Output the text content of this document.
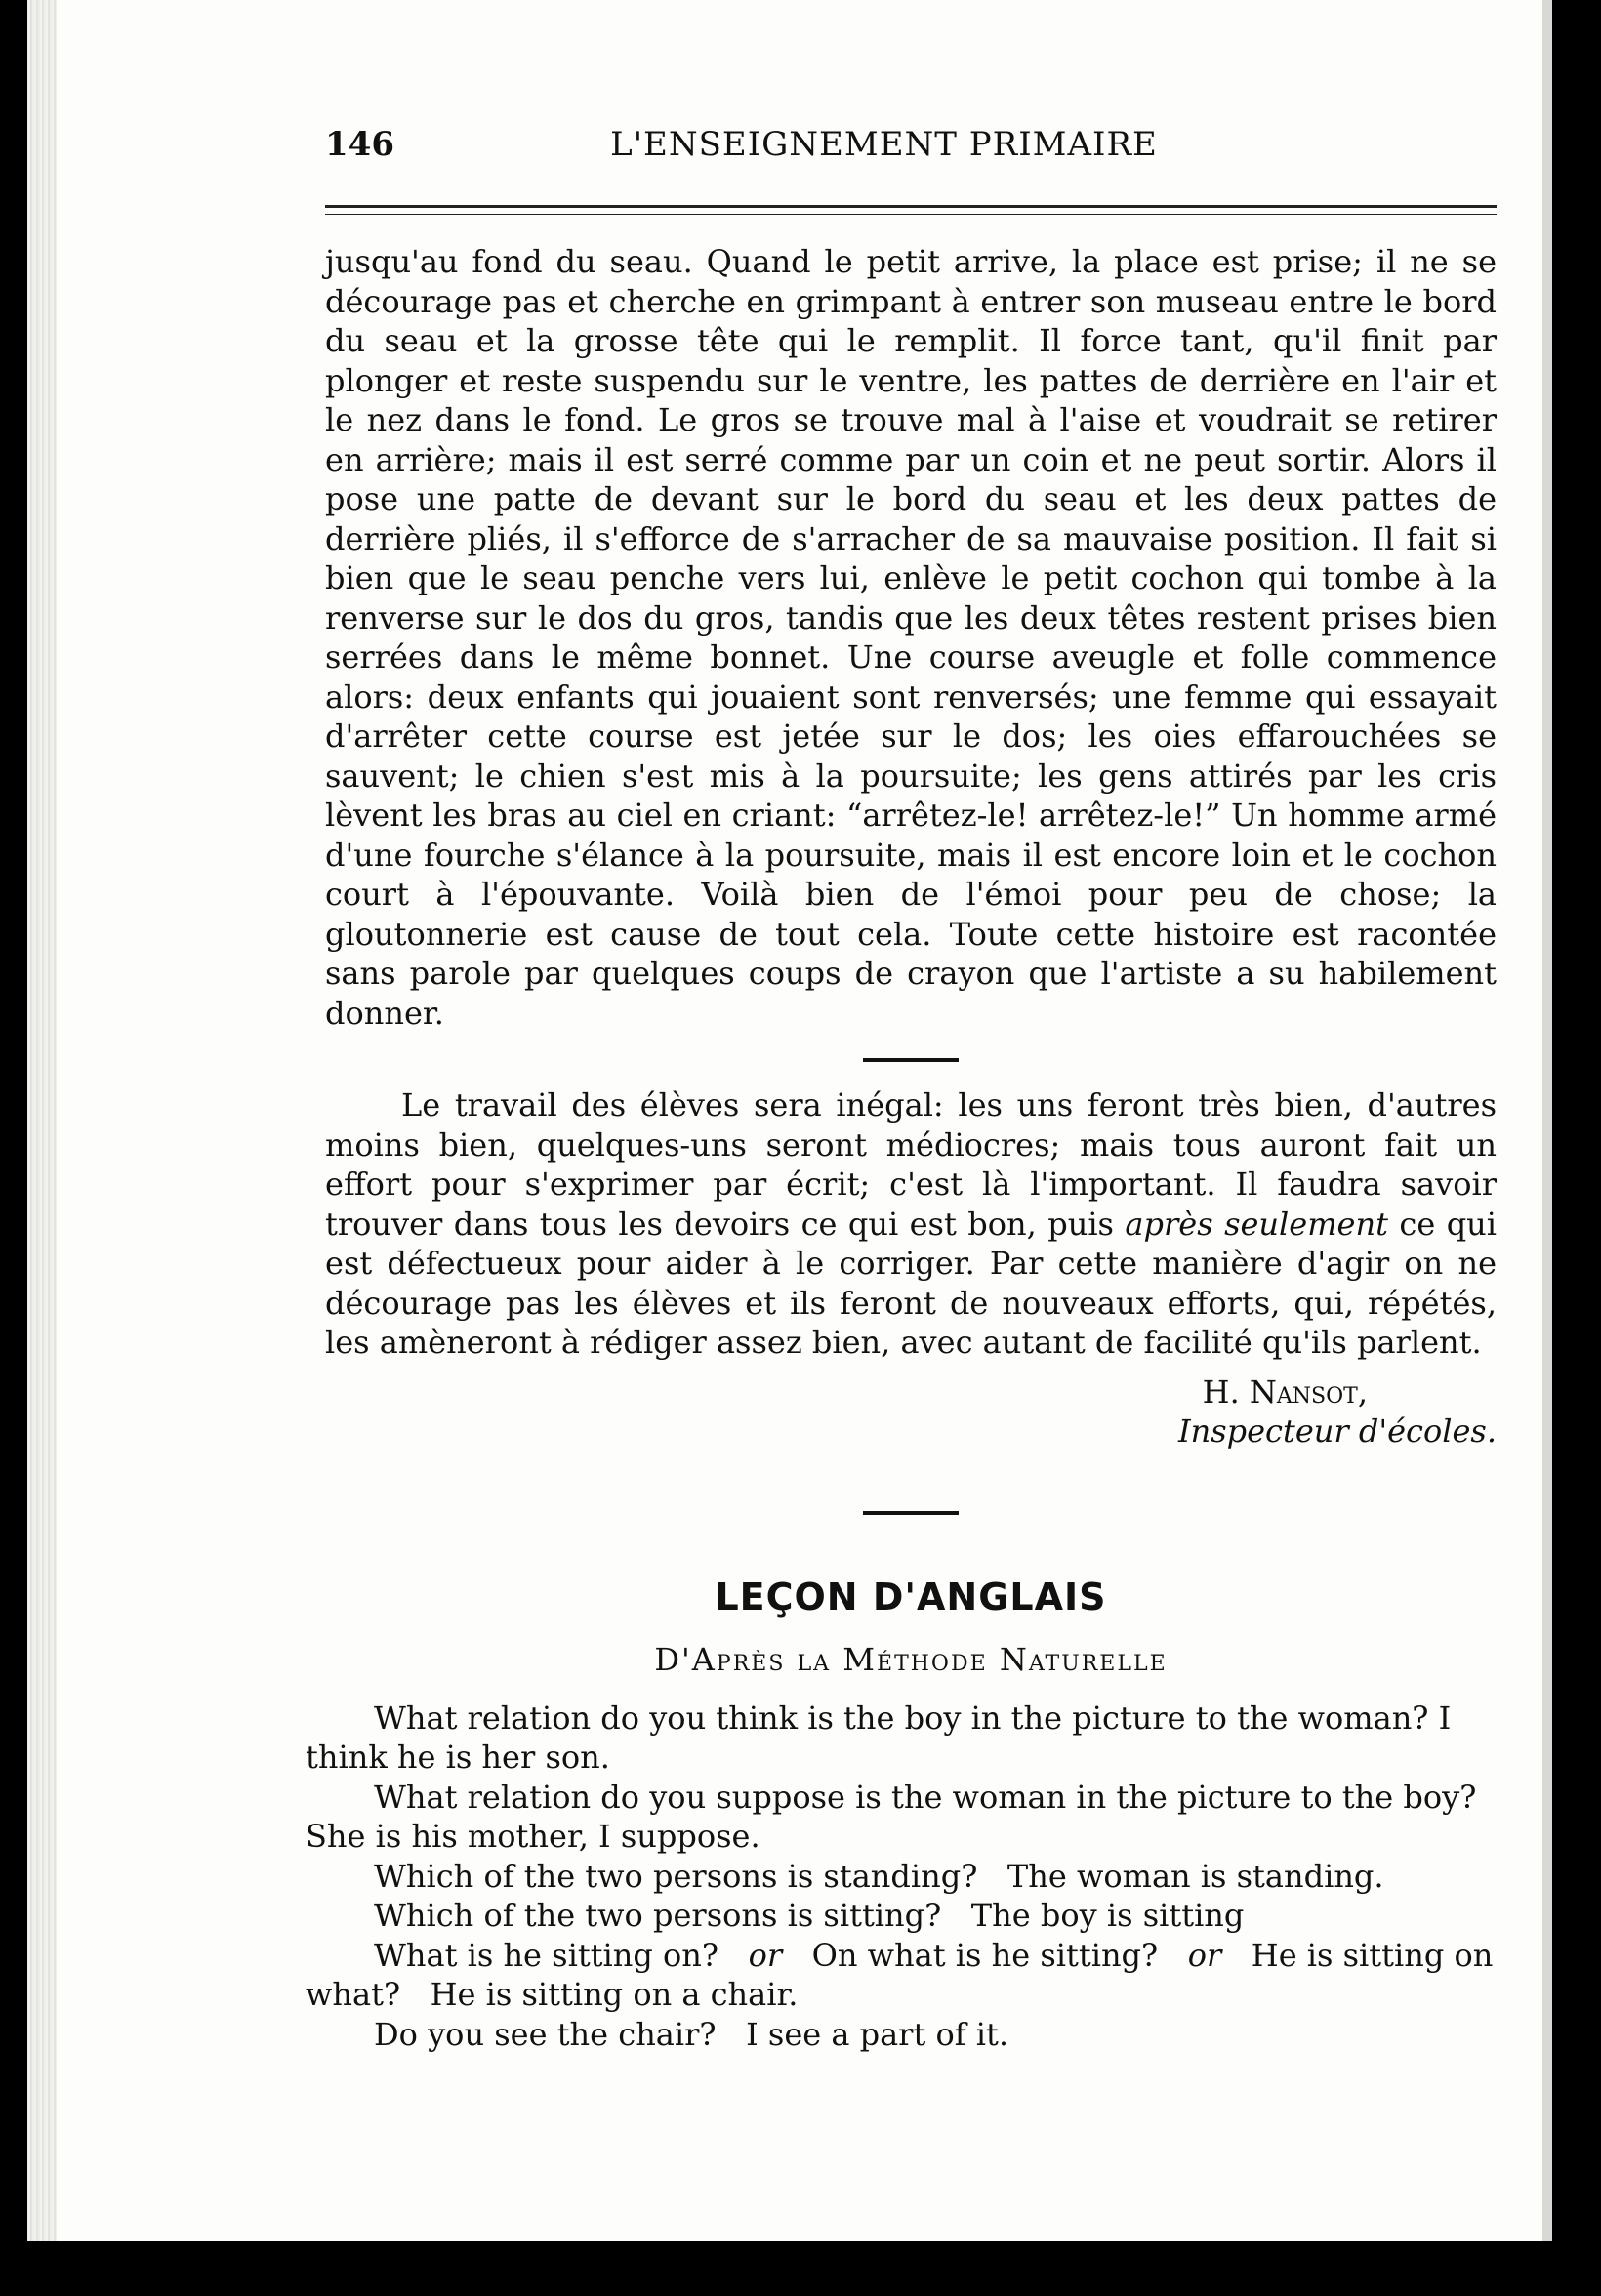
146	L'ENSEIGNEMENT PRIMAIRE

jusqu'au fond du seau. Quand le petit arrive, la place est prise; il ne se décourage pas et cherche en grimpant à entrer son museau entre le bord du seau et la grosse tête qui le remplit. Il force tant, qu'il finit par plonger et reste suspendu sur le ventre, les pattes de derrière en l'air et le nez dans le fond. Le gros se trouve mal à l'aise et voudrait se retirer en arrière; mais il est serré comme par un coin et ne peut sortir. Alors il pose une patte de devant sur le bord du seau et les deux pattes de derrière pliés, il s'efforce de s'arracher de sa mauvaise position. Il fait si bien que le seau penche vers lui, enlève le petit cochon qui tombe à la renverse sur le dos du gros, tandis que les deux têtes restent prises bien serrées dans le même bonnet. Une course aveugle et folle commence alors: deux enfants qui jouaient sont renversés; une femme qui essayait d'arrêter cette course est jetée sur le dos; les oies effarouchées se sauvent; le chien s'est mis à la poursuite; les gens attirés par les cris lèvent les bras au ciel en criant: “arrêtez-le! arrêtez-le!” Un homme armé d'une fourche s'élance à la poursuite, mais il est encore loin et le cochon court à l'épouvante. Voilà bien de l'émoi pour peu de chose; la gloutonnerie est cause de tout cela. Toute cette histoire est racontée sans parole par quelques coups de crayon que l'artiste a su habilement donner.

Le travail des élèves sera inégal: les uns feront très bien, d'autres moins bien, quelques-uns seront médiocres; mais tous auront fait un effort pour s'exprimer par écrit; c'est là l'important. Il faudra savoir trouver dans tous les devoirs ce qui est bon, puis après seulement ce qui est défectueux pour aider à le corriger. Par cette manière d'agir on ne décourage pas les élèves et ils feront de nouveaux efforts, qui, répétés, les amèneront à rédiger assez bien, avec autant de facilité qu'ils parlent.

H. Nansot,
Inspecteur d'écoles.
LEÇON D'ANGLAIS
D'Après la Méthode Naturelle

What relation do you think is the boy in the picture to the woman? I think he is her son.

What relation do you suppose is the woman in the picture to the boy? She is his mother, I suppose.

Which of the two persons is standing? The woman is standing.

Which of the two persons is sitting? The boy is sitting

What is he sitting on? or On what is he sitting? or He is sitting on what? He is sitting on a chair.

Do you see the chair? I see a part of it.
